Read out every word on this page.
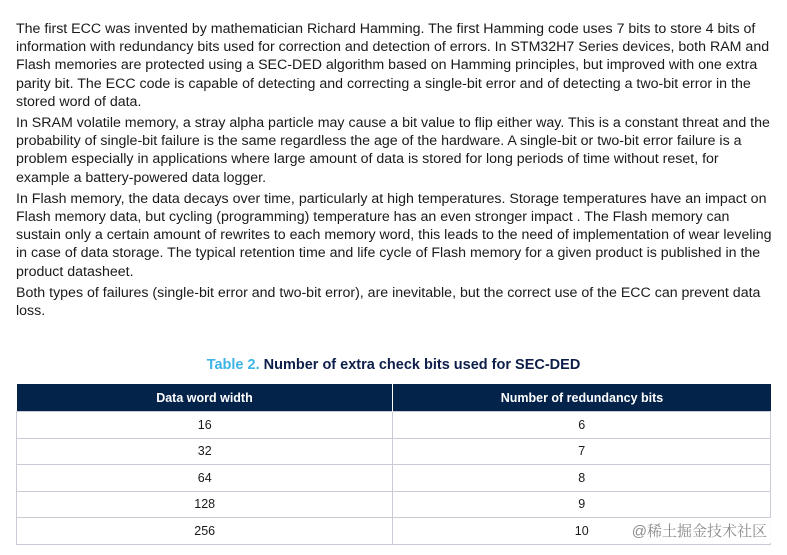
The first ECC was invented by mathematician Richard Hamming. The first Hamming code uses 7 bits to store 4 bits of information with redundancy bits used for correction and detection of errors. In STM32H7 Series devices, both RAM and Flash memories are protected using a SEC-DED algorithm based on Hamming principles, but improved with one extra parity bit. The ECC code is capable of detecting and correcting a single-bit error and of detecting a two-bit error in the stored word of data.

In SRAM volatile memory, a stray alpha particle may cause a bit value to flip either way. This is a constant threat and the probability of single-bit failure is the same regardless the age of the hardware. A single-bit or two-bit error failure is a problem especially in applications where large amount of data is stored for long periods of time without reset, for example a battery-powered data logger.

In Flash memory, the data decays over time, particularly at high temperatures. Storage temperatures have an impact on Flash memory data, but cycling (programming) temperature has an even stronger impact . The Flash memory can sustain only a certain amount of rewrites to each memory word, this leads to the need of implementation of wear leveling in case of data storage. The typical retention time and life cycle of Flash memory for a given product is published in the product datasheet.

Both types of failures (single-bit error and two-bit error), are inevitable, but the correct use of the ECC can prevent data loss.

Table 2. Number of extra check bits used for SEC-DED
Data word width	Number of redundancy bits
16	6
32	7
64	8
128	9
256	10	@稀土掘金技术社区
